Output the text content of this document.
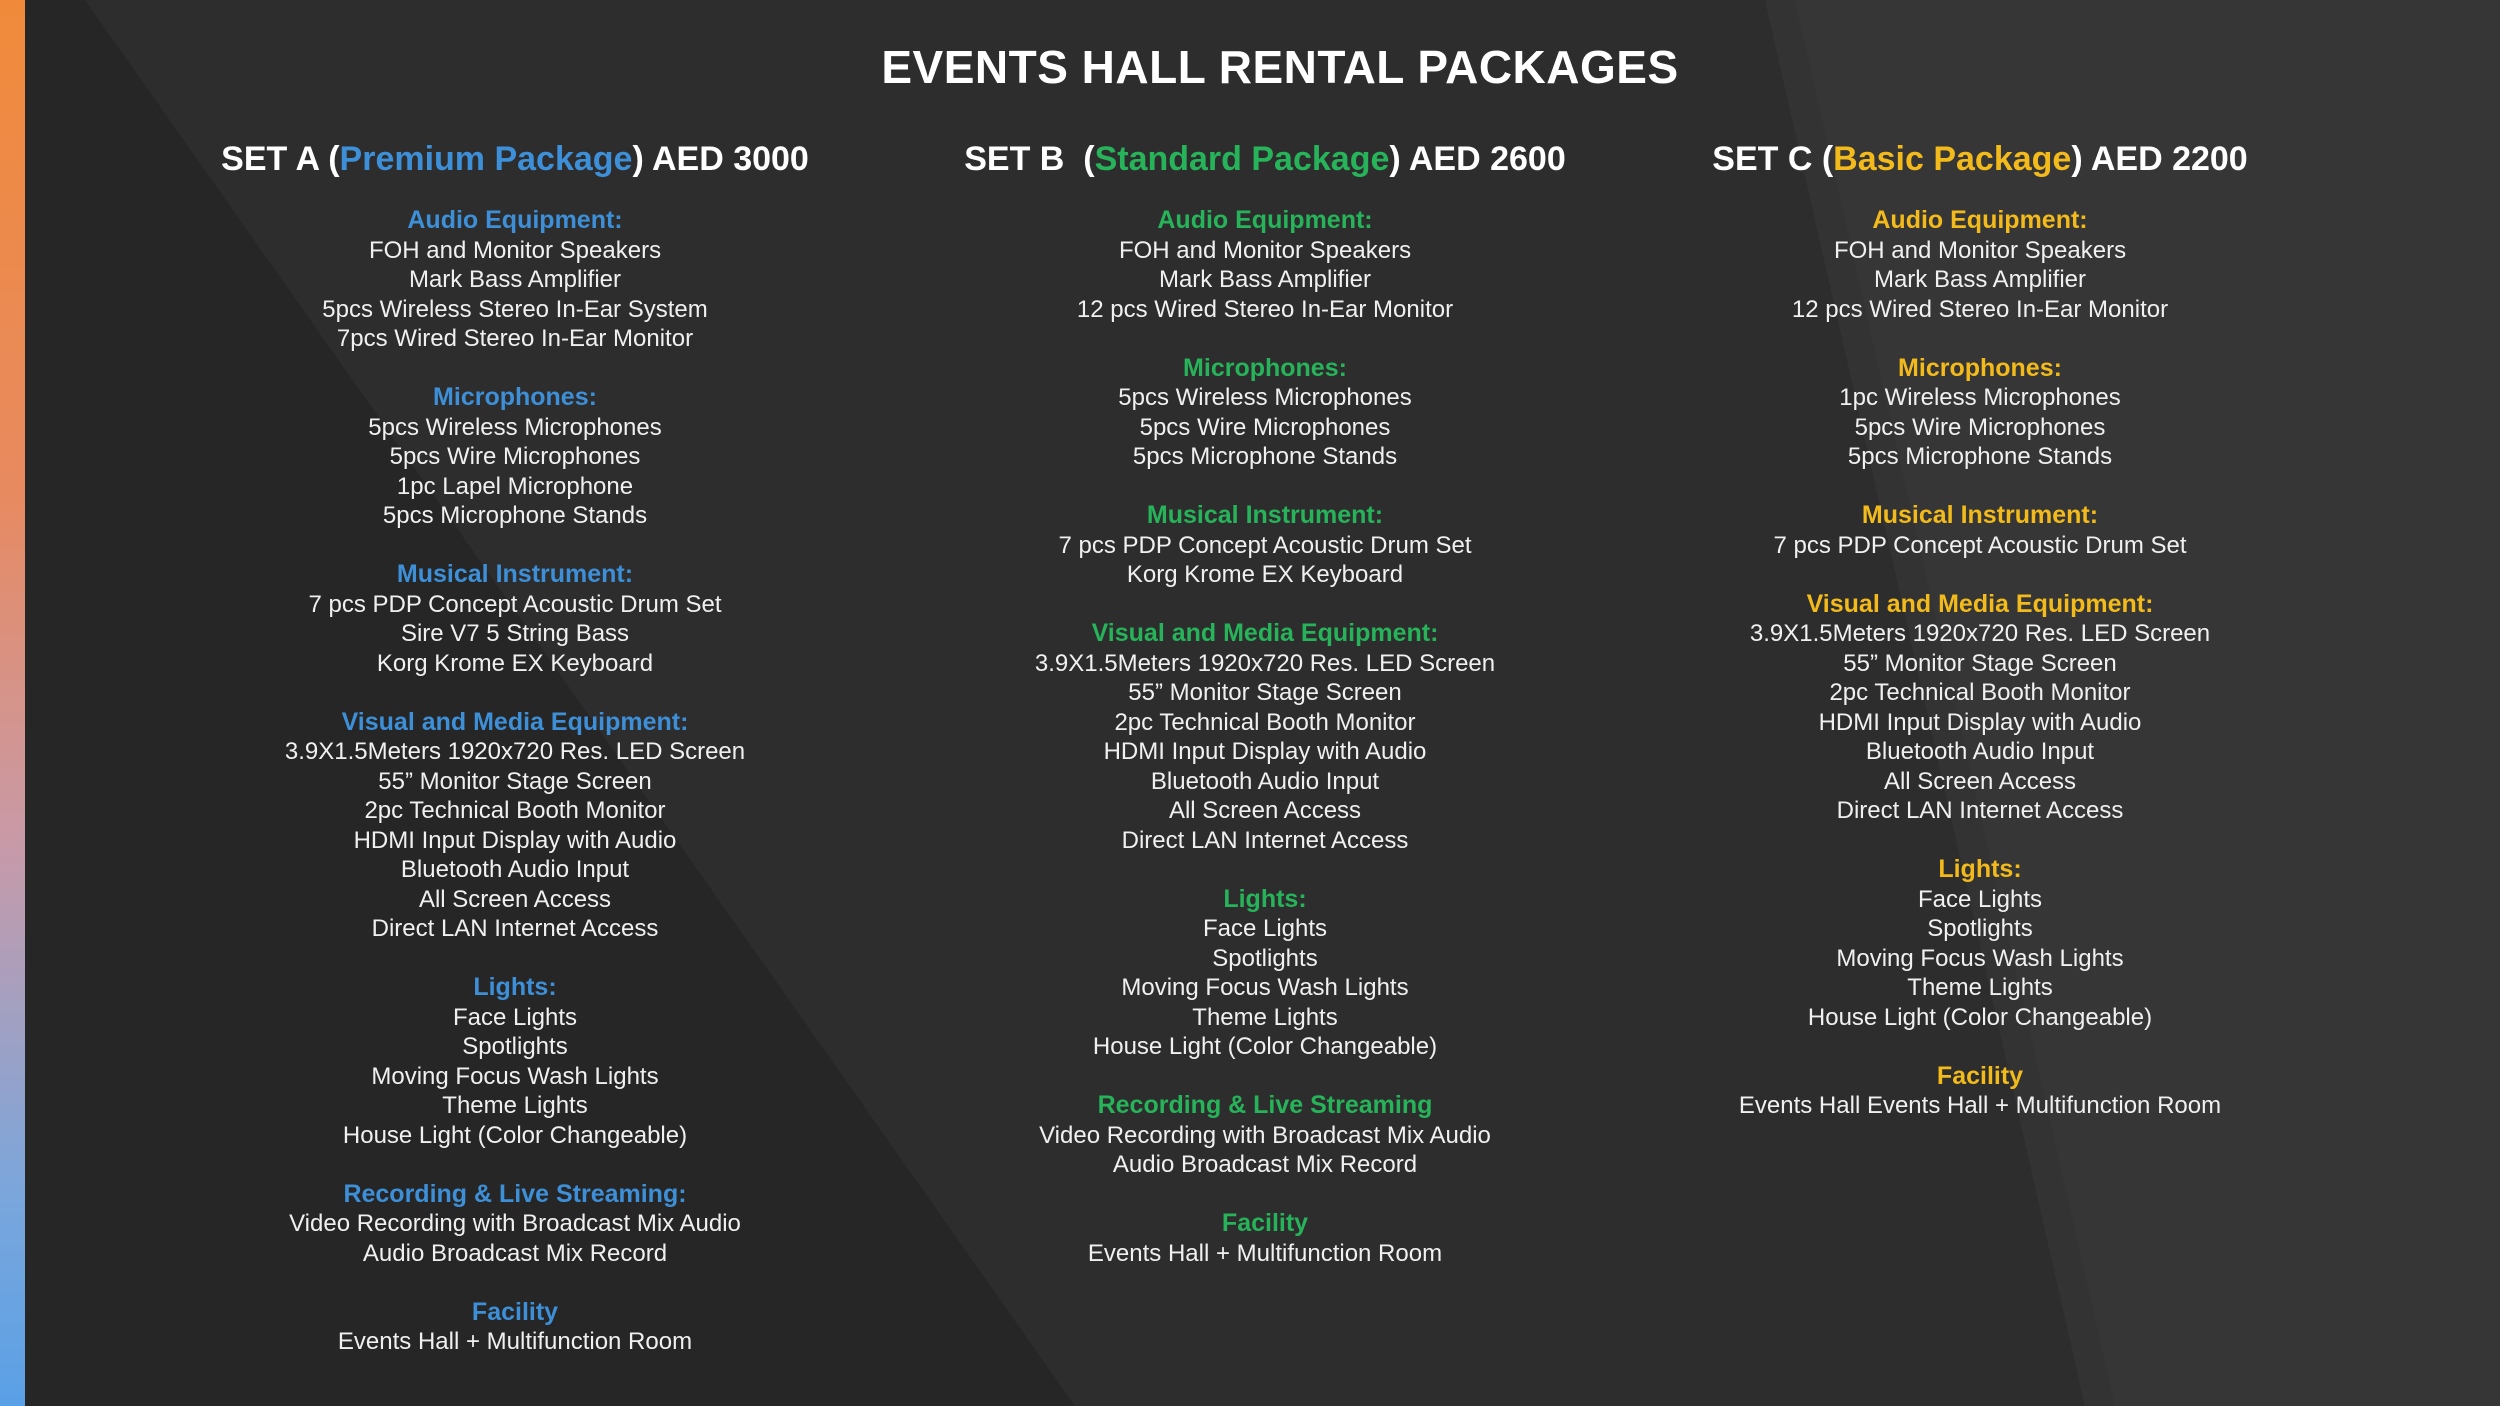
EVENTS HALL RENTAL PACKAGES
SET A (Premium Package) AED 3000
Audio Equipment:
FOH and Monitor Speakers
Mark Bass Amplifier
5pcs Wireless Stereo In-Ear System
7pcs Wired Stereo In-Ear Monitor
Microphones:
5pcs Wireless Microphones
5pcs Wire Microphones
1pc Lapel Microphone
5pcs Microphone Stands
Musical Instrument:
7 pcs PDP Concept Acoustic Drum Set
Sire V7 5 String Bass
Korg Krome EX Keyboard
Visual and Media Equipment:
3.9X1.5Meters 1920x720 Res. LED Screen
55” Monitor Stage Screen
2pc Technical Booth Monitor
HDMI Input Display with Audio
Bluetooth Audio Input
All Screen Access
Direct LAN Internet Access
Lights:
Face Lights
Spotlights
Moving Focus Wash Lights
Theme Lights
House Light (Color Changeable)
Recording & Live Streaming:
Video Recording with Broadcast Mix Audio
Audio Broadcast Mix Record
Facility
Events Hall + Multifunction Room
SET B  (Standard Package) AED 2600
Audio Equipment:
FOH and Monitor Speakers
Mark Bass Amplifier
12 pcs Wired Stereo In-Ear Monitor
Microphones:
5pcs Wireless Microphones
5pcs Wire Microphones
5pcs Microphone Stands
Musical Instrument:
7 pcs PDP Concept Acoustic Drum Set
Korg Krome EX Keyboard
Visual and Media Equipment:
3.9X1.5Meters 1920x720 Res. LED Screen
55” Monitor Stage Screen
2pc Technical Booth Monitor
HDMI Input Display with Audio
Bluetooth Audio Input
All Screen Access
Direct LAN Internet Access
Lights:
Face Lights
Spotlights
Moving Focus Wash Lights
Theme Lights
House Light (Color Changeable)
Recording & Live Streaming
Video Recording with Broadcast Mix Audio
Audio Broadcast Mix Record
Facility
Events Hall + Multifunction Room
SET C (Basic Package) AED 2200
Audio Equipment:
FOH and Monitor Speakers
Mark Bass Amplifier
12 pcs Wired Stereo In-Ear Monitor
Microphones:
1pc Wireless Microphones
5pcs Wire Microphones
5pcs Microphone Stands
Musical Instrument:
7 pcs PDP Concept Acoustic Drum Set
Visual and Media Equipment:
3.9X1.5Meters 1920x720 Res. LED Screen
55” Monitor Stage Screen
2pc Technical Booth Monitor
HDMI Input Display with Audio
Bluetooth Audio Input
All Screen Access
Direct LAN Internet Access
Lights:
Face Lights
Spotlights
Moving Focus Wash Lights
Theme Lights
House Light (Color Changeable)
Facility
Events Hall Events Hall + Multifunction Room
